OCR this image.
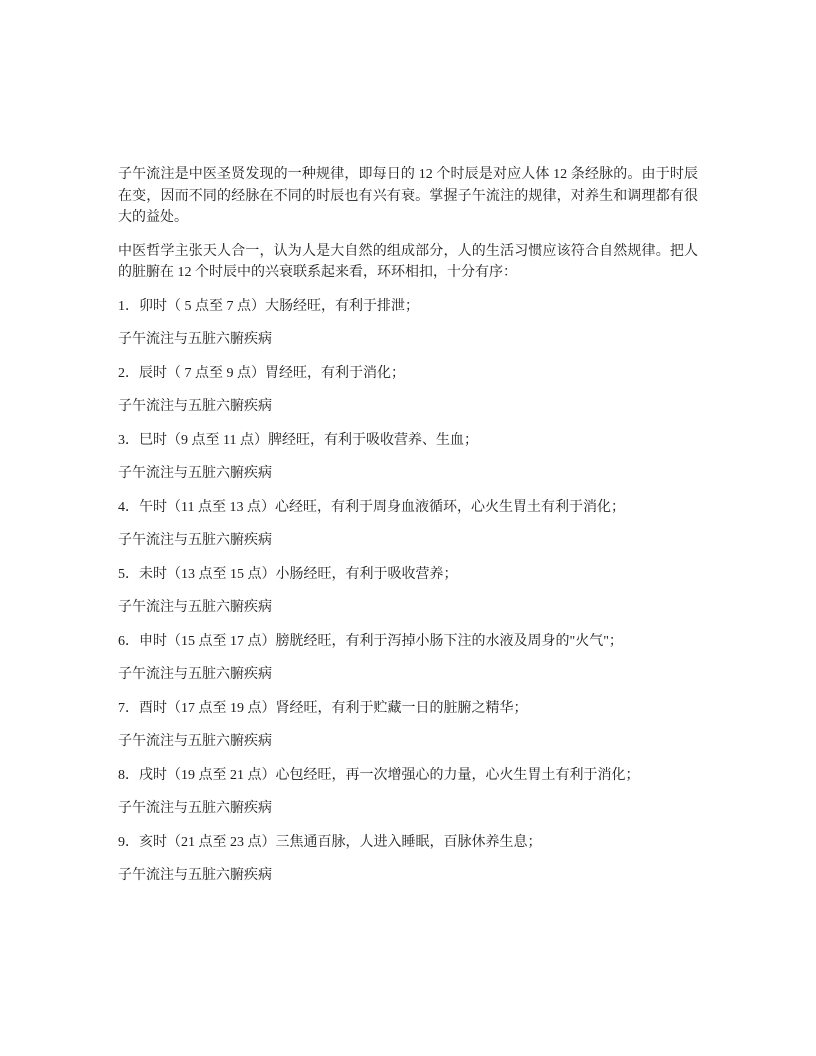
子午流注是中医圣贤发现的一种规律，即每日的 12 个时辰是对应人体 12 条经脉的。由于时辰在变，因而不同的经脉在不同的时辰也有兴有衰。掌握子午流注的规律，对养生和调理都有很大的益处。

中医哲学主张天人合一，认为人是大自然的组成部分，人的生活习惯应该符合自然规律。把人的脏腑在 12 个时辰中的兴衰联系起来看，环环相扣，十分有序：

1．卯时（ 5 点至 7 点）大肠经旺，有利于排泄；

子午流注与五脏六腑疾病

2．辰时（ 7 点至 9 点）胃经旺，有利于消化；

子午流注与五脏六腑疾病

3．巳时（9 点至 11 点）脾经旺，有利于吸收营养、生血；

子午流注与五脏六腑疾病

4．午时（11 点至 13 点）心经旺，有利于周身血液循环，心火生胃土有利于消化；

子午流注与五脏六腑疾病

5．未时（13 点至 15 点）小肠经旺，有利于吸收营养；

子午流注与五脏六腑疾病

6．申时（15 点至 17 点）膀胱经旺，有利于泻掉小肠下注的水液及周身的"火气"；

子午流注与五脏六腑疾病

7．酉时（17 点至 19 点）肾经旺，有利于贮藏一日的脏腑之精华；

子午流注与五脏六腑疾病

8．戌时（19 点至 21 点）心包经旺，再一次增强心的力量，心火生胃土有利于消化；

子午流注与五脏六腑疾病

9．亥时（21 点至 23 点）三焦通百脉，人进入睡眠，百脉休养生息；

子午流注与五脏六腑疾病
